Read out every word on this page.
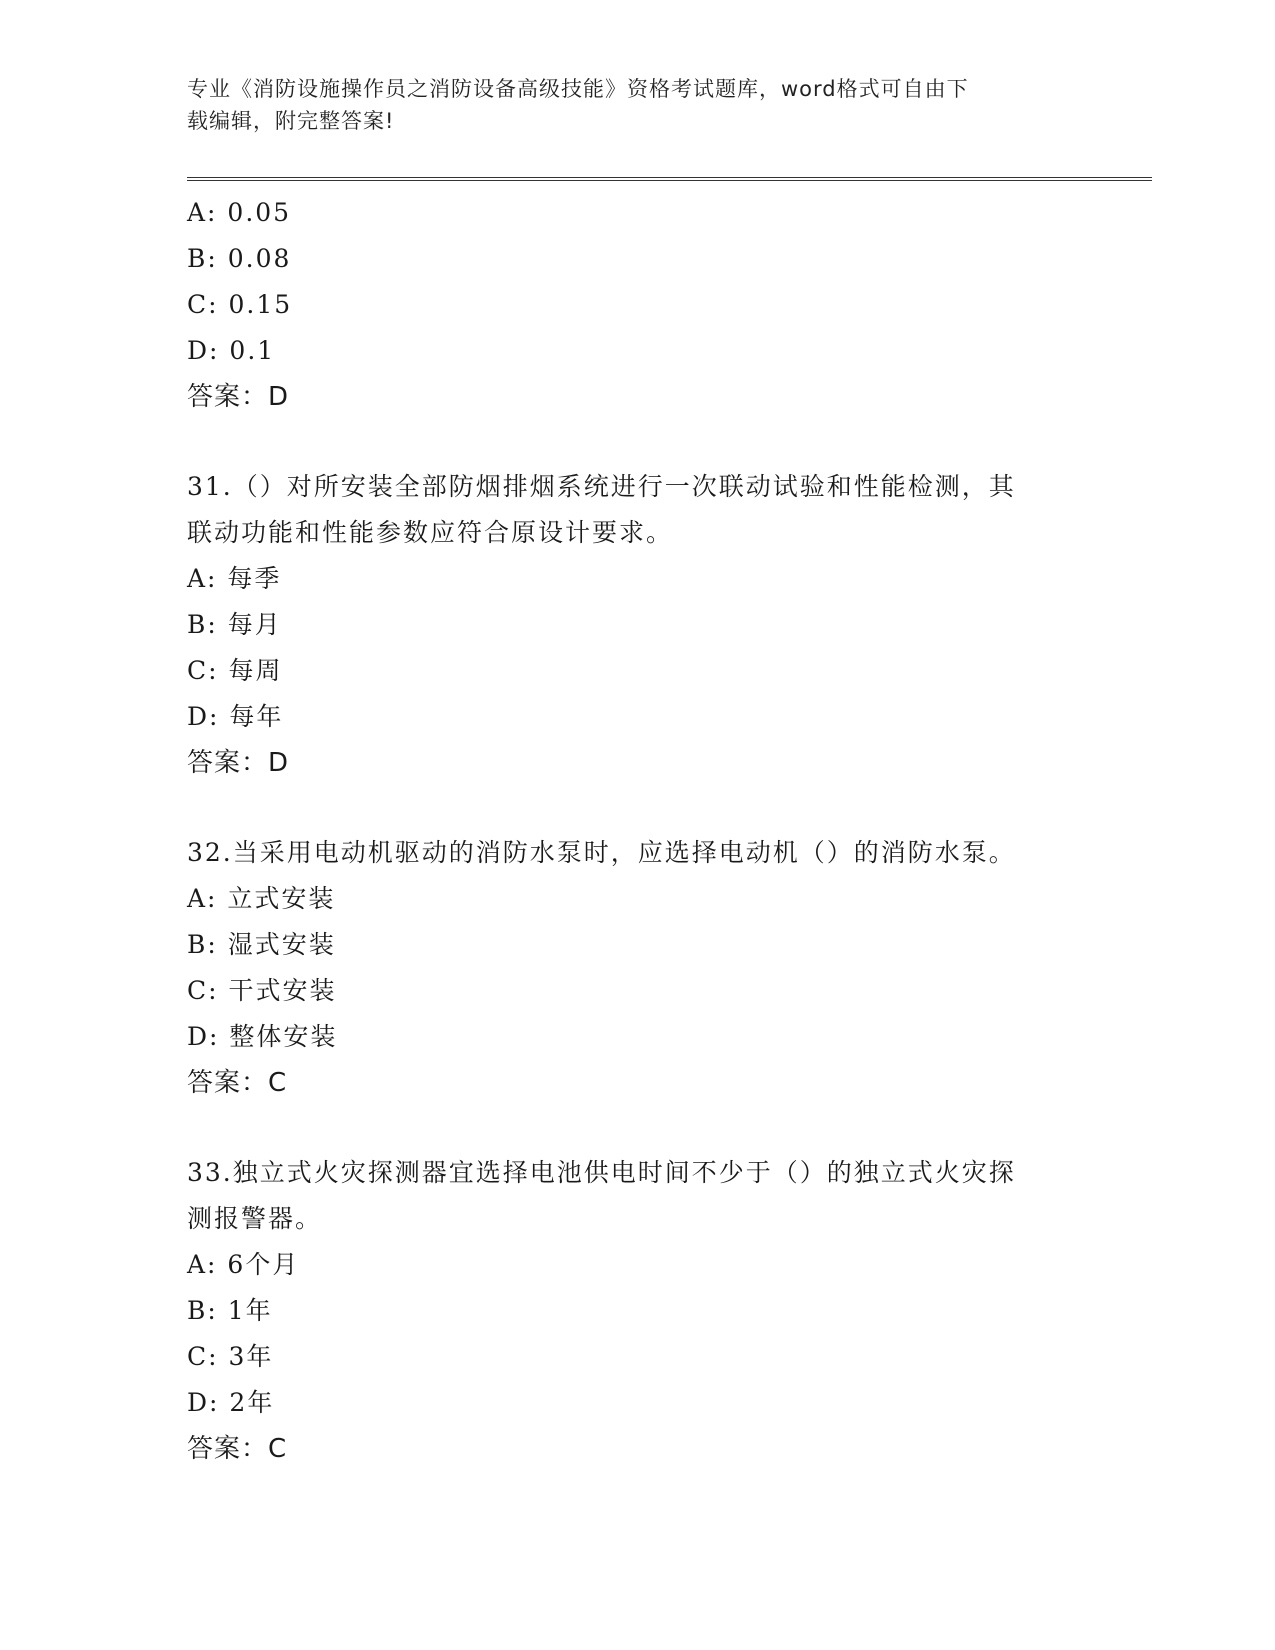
专业《消防设施操作员之消防设备高级技能》资格考试题库，word格式可自由下
载编辑，附完整答案!
A: 0.05
B: 0.08
C: 0.15
D: 0.1
答案：D
31.（）对所安装全部防烟排烟系统进行一次联动试验和性能检测，其
联动功能和性能参数应符合原设计要求。
A: 每季
B: 每月
C: 每周
D: 每年
答案：D
32.当采用电动机驱动的消防水泵时，应选择电动机（）的消防水泵。
A: 立式安装
B: 湿式安装
C: 干式安装
D: 整体安装
答案：C
33.独立式火灾探测器宜选择电池供电时间不少于（）的独立式火灾探
测报警器。
A: 6个月
B: 1年
C: 3年
D: 2年
答案：C
